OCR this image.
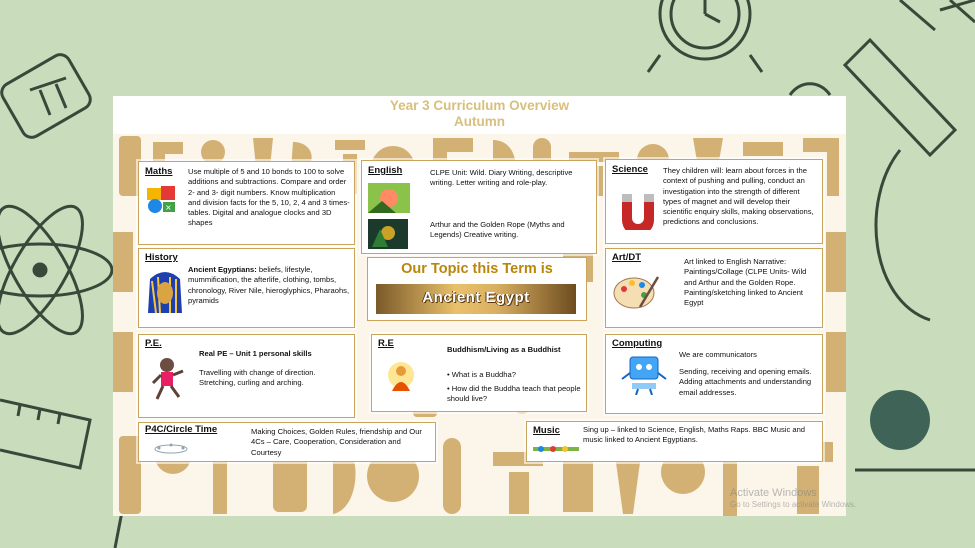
Year 3 Curriculum Overview
Autumn
Maths
×
Use multiple of 5 and 10 bonds to 100 to solve additions and subtractions. Compare and order 2- and 3- digit numbers. Know multiplication and division facts for the 5, 10, 2, 4 and 3 times-tables. Digital and analogue clocks and 3D shapes
English	CLPE Unit: Wild. Diary Writing, descriptive writing. Letter writing and role-play.
Arthur and the Golden Rope (Myths and Legends) Creative writing.
Science They children will: learn about forces in the context of pushing and pulling, conduct an investigation into the strength of different types of magnet and will develop their scientific enquiry skills, making observations, predictions and conclusions.
History
Ancient Egyptians: beliefs, lifestyle, mummification, the afterlife, clothing, tombs, chronology, River Nile, hieroglyphics, Pharaohs, pyramids
Our Topic this Term is
Ancient Egypt
Art/DT	Art linked to English Narrative: Paintings/Collage (CLPE Units- Wild and Arthur and the Golden Rope. Painting/sketching linked to Ancient Egypt
P.E.
Real PE – Unit 1 personal skills
Travelling with change of direction. Stretching, curling and arching.
R.E
Buddhism/Living as a Buddhist
• What is a Buddha?
• How did the Buddha teach that people should live?
Computing
We are communicators
Sending, receiving and opening emails. Adding attachments and understanding email addresses.
P4C/Circle Time	Making Choices, Golden Rules, friendship and Our 4Cs – Care, Cooperation, Consideration and Courtesy
Music	Sing up – linked to Science, English, Maths Raps. BBC Music and music linked to Ancient Egyptians.
Activate Windows
Go to Settings to activate Windows.
